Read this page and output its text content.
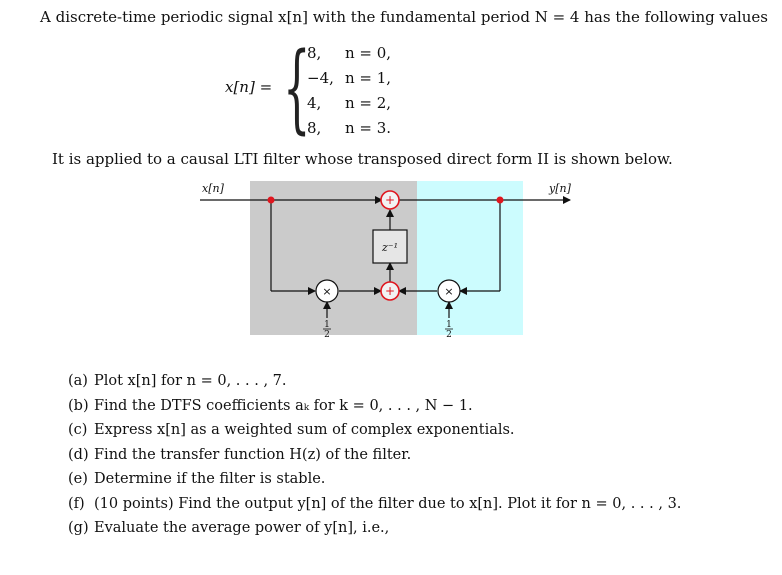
A discrete-time periodic signal x[n] with the fundamental period N = 4 has the following values
x[n] = {
8, n = 0,
−4, n = 1,
4, n = 2,
8, n = 3.
It is applied to a causal LTI filter whose transposed direct form II is shown below.
+
z⁻¹
+
×	×
x[n]	y[n]
1
2
1
2
(a) Plot x[n] for n = 0, . . . , 7.
(b) Find the DTFS coefficients aₖ for k = 0, . . . , N − 1.
(c) Express x[n] as a weighted sum of complex exponentials.
(d) Find the transfer function H(z) of the filter.
(e) Determine if the filter is stable.
(f) (10 points) Find the output y[n] of the filter due to x[n]. Plot it for n = 0, . . . , 3.
(g) Evaluate the average power of y[n], i.e.,
